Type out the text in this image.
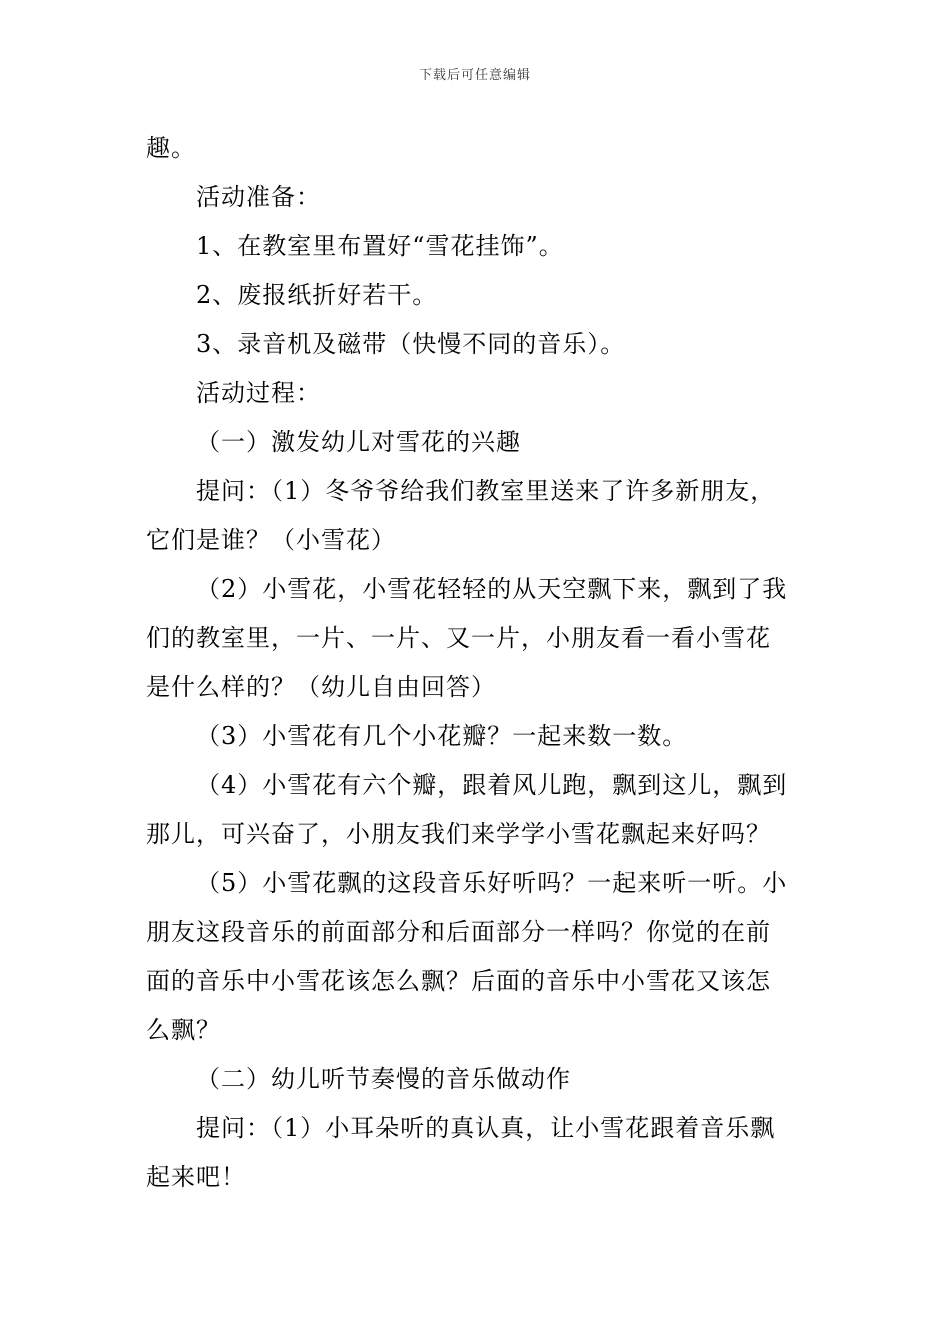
下载后可任意编辑
趣。
活动准备：
1、在教室里布置好“雪花挂饰”。
2、废报纸折好若干。
3、录音机及磁带（快慢不同的音乐）。
活动过程：
（一）激发幼儿对雪花的兴趣
提问：（1）冬爷爷给我们教室里送来了许多新朋友，
它们是谁？（小雪花）
（2）小雪花，小雪花轻轻的从天空飘下来，飘到了我
们的教室里，一片、一片、又一片，小朋友看一看小雪花
是什么样的？（幼儿自由回答）
（3）小雪花有几个小花瓣？一起来数一数。
（4）小雪花有六个瓣，跟着风儿跑，飘到这儿，飘到
那儿，可兴奋了，小朋友我们来学学小雪花飘起来好吗？
（5）小雪花飘的这段音乐好听吗？一起来听一听。小
朋友这段音乐的前面部分和后面部分一样吗？你觉的在前
面的音乐中小雪花该怎么飘？后面的音乐中小雪花又该怎
么飘？
（二）幼儿听节奏慢的音乐做动作
提问：（1）小耳朵听的真认真，让小雪花跟着音乐飘
起来吧！
